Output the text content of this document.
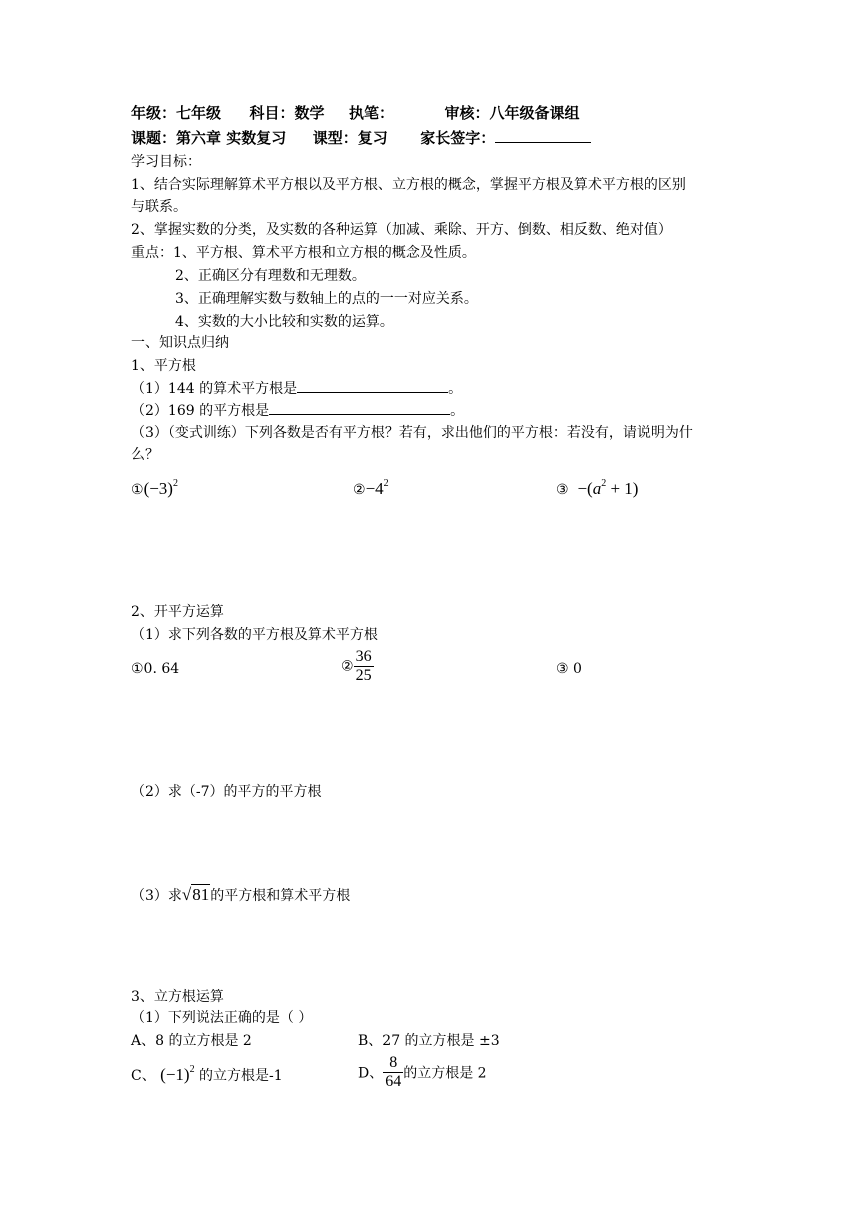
年级：七年级 科目：数学 执笔：	审核：八年级备课组
课题：第六章 实数复习 课型：复习 家长签字：
学习目标：
1、结合实际理解算术平方根以及平方根、立方根的概念，掌握平方根及算术平方根的区别
与联系。
2、掌握实数的分类，及实数的各种运算（加减、乘除、开方、倒数、相反数、绝对值）
重点：1、平方根、算术平方根和立方根的概念及性质。
2、正确区分有理数和无理数。
3、正确理解实数与数轴上的点的一一对应关系。
4、实数的大小比较和实数的运算。
一、知识点归纳
1、平方根
（1）144 的算术平方根是	。
（2）169 的平方根是	。
（3）（变式训练）下列各数是否有平方根？若有，求出他们的平方根：若没有，请说明为什
么？
$①(-3)^2$	$②-4^2$	③ $-(a^2 + 1)$
2、开平方运算
（1）求下列各数的平方根及算术平方根
①0. 64	② $\frac{36}{25}$	③ 0
（2）求（-7）的平方的平方根
（3）求√81的平方根和算术平方根
3、立方根运算
（1）下列说法正确的是（ ）
A、8 的立方根是 2	B、27 的立方根是 ±3
C、 $(-1)^2$ 的立方根是-1	D、 $\frac{8}{64}$ 的立方根是 2
